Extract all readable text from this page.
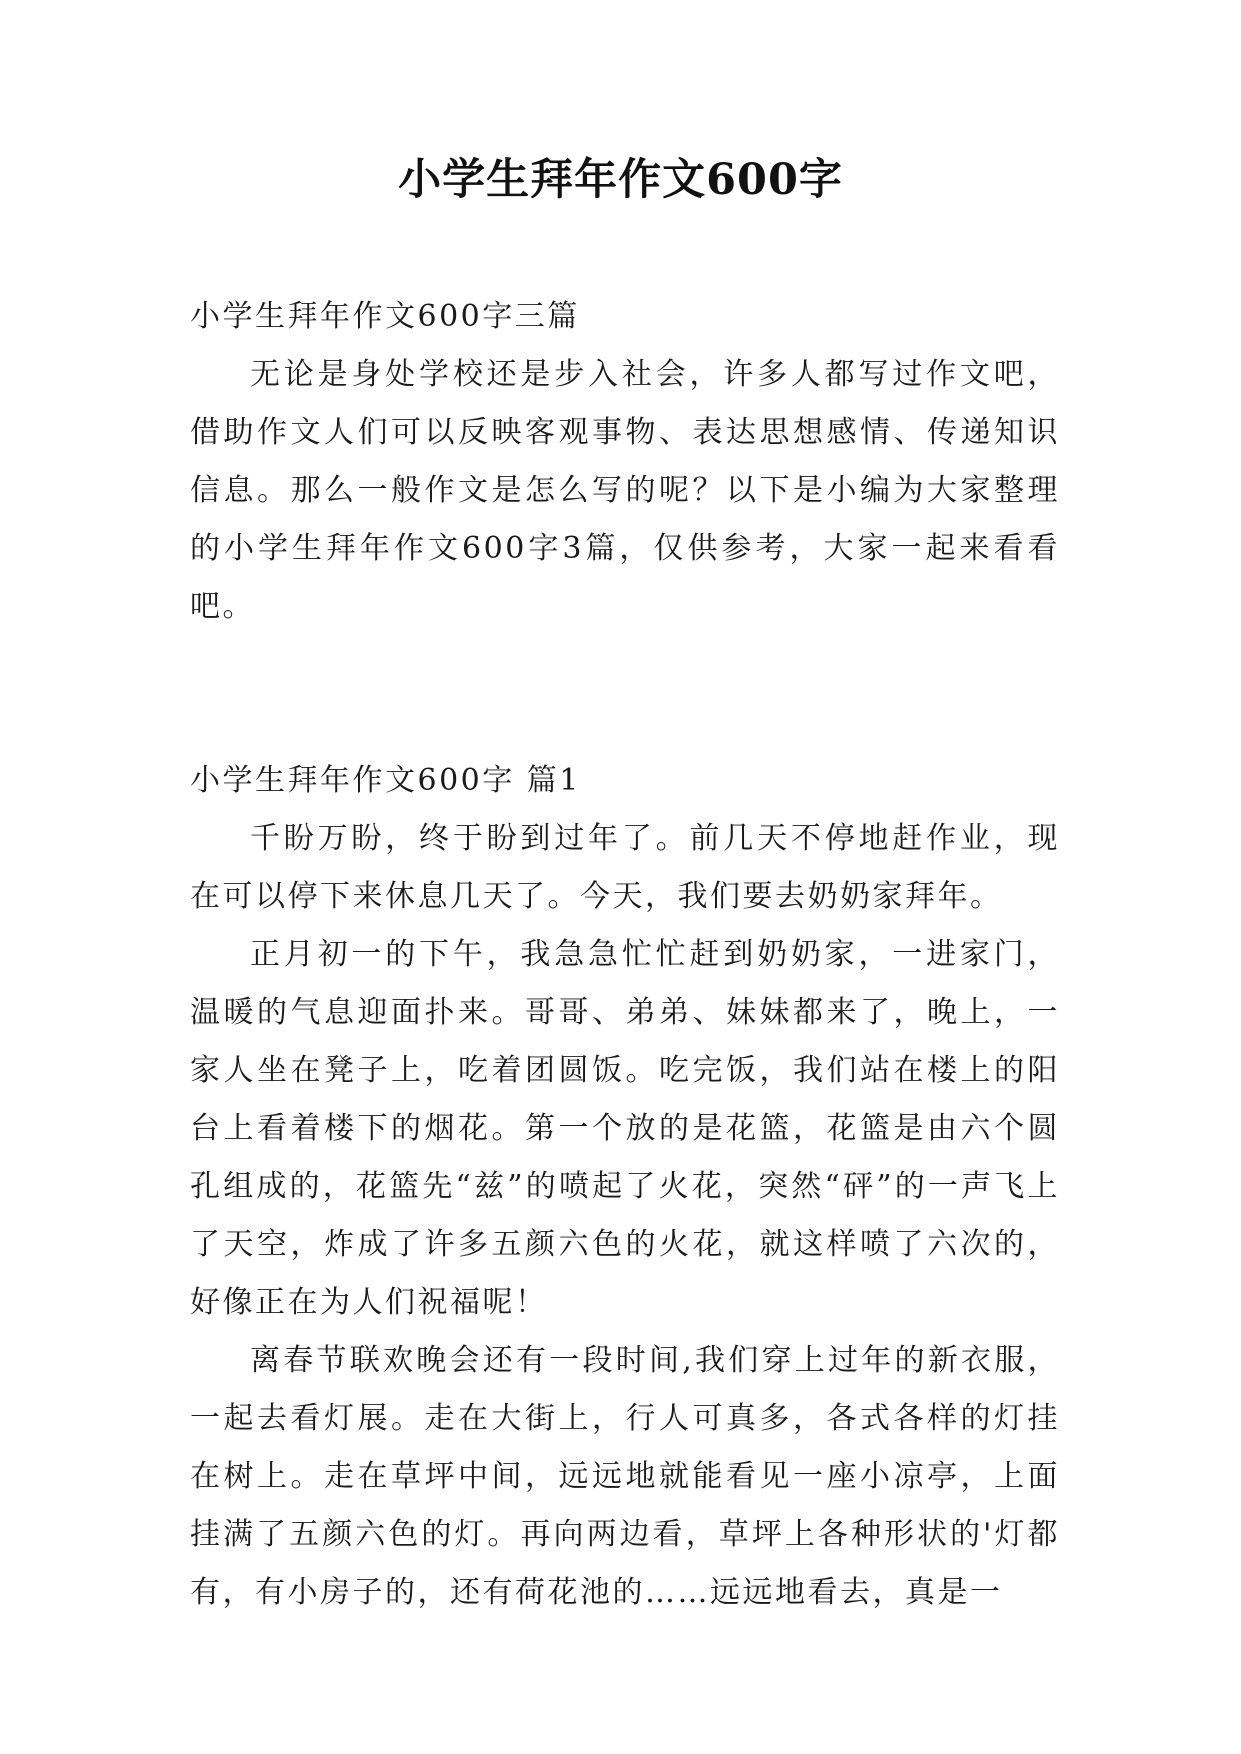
小学生拜年作文600字

小学生拜年作文600字三篇

无论是身处学校还是步入社会，许多人都写过作文吧，借助作文人们可以反映客观事物、表达思想感情、传递知识信息。那么一般作文是怎么写的呢？以下是小编为大家整理的小学生拜年作文600字3篇，仅供参考，大家一起来看看吧。

小学生拜年作文600字 篇1

千盼万盼，终于盼到过年了。前几天不停地赶作业，现在可以停下来休息几天了。今天，我们要去奶奶家拜年。

正月初一的下午，我急急忙忙赶到奶奶家，一进家门，温暖的气息迎面扑来。哥哥、弟弟、妹妹都来了，晚上，一家人坐在凳子上，吃着团圆饭。吃完饭，我们站在楼上的阳台上看着楼下的烟花。第一个放的是花篮，花篮是由六个圆孔组成的，花篮先“兹”的喷起了火花，突然“砰”的一声飞上了天空，炸成了许多五颜六色的火花，就这样喷了六次的，好像正在为人们祝福呢！

离春节联欢晚会还有一段时间,我们穿上过年的新衣服，一起去看灯展。走在大街上，行人可真多，各式各样的灯挂在树上。走在草坪中间，远远地就能看见一座小凉亭，上面挂满了五颜六色的灯。再向两边看，草坪上各种形状的'灯都有，有小房子的，还有荷花池的……远远地看去，真是一
